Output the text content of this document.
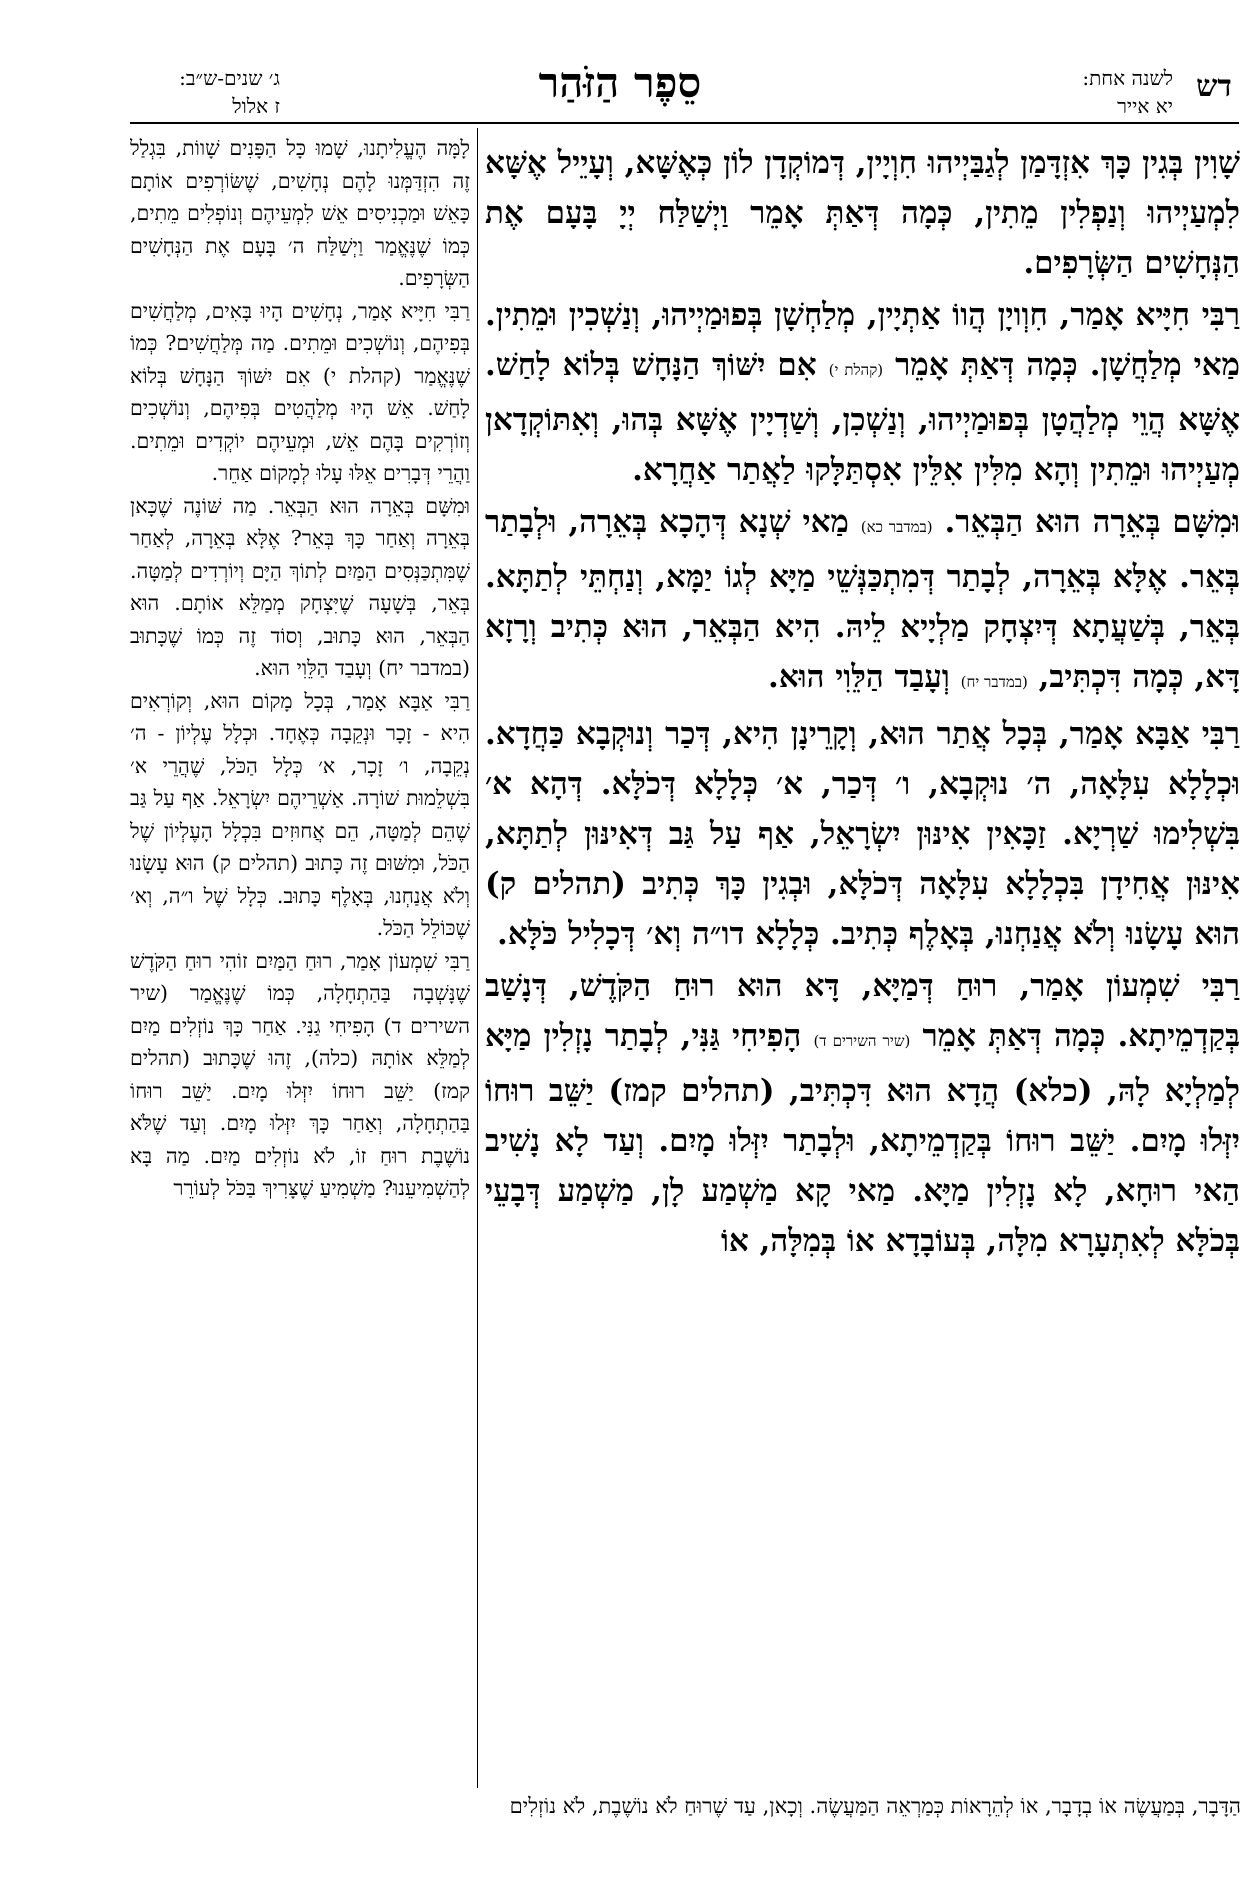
דש
לשנה אחת:
יא אייר
סֵפֶר הַזֹּהַר
ג׳ שנים-ש״ב:
ז אלול

שָׁוִין בְּגִין כָּךְ אִזְדָּמַן לְגַבַּיְיהוּ חִוְיָין, דְּמוֹקְדָן לוֹן כְּאֶשָּׁא, וְעָיֵיל אֶשָּׁא לִמְעַיְיהוּ וְנַפְלִין מֵתִין, כְּמָה דְּאַתְּ אָמֵר וַיְשַׁלַּח יְיָ בָּעָם אֶת הַנְּחָשִׁים הַשְּׂרָפִים.

רַבִּי חִיָּיא אָמַר, חִוְויָן הֲווֹ אַתְיָין, מְלַחְשָׁן בְּפוּמַיְיהוּ, וְנַשְׁכִין וּמֵתִין. מַאי מְלַחֲשָׁן. כְּמָה דְּאַתְּ אָמֵר (קהלת י) אִם יִשּׁוֹךְ הַנָּחָשׁ בְּלוֹא לָחַשׁ. אֶשָּׁא הֲוֵי מְלַהֲטָן בְּפוּמַיְיהוּ, וְנַשְׁכִן, וְשַׁדְיָין אֶשָּׁא בְּהוּ, וְאִתּוֹקְדָאן מְעַיְיהוּ וּמֵתִין וְהָא מִלִּין אִלֵּין אִסְתַּלָּקוּ לַאֲתַר אַחֲרָא.

וּמִשָּׁם בְּאֵרָה הוּא הַבְּאֵר. (במדבר כא) מַאי שְׁנָא דְּהָכָא בְּאֵרָה, וּלְבָתַר בְּאֵר. אֶלָּא בְּאֵרָה, לְבָתַר דְּמִתְכַּנְּשֵׁי מַיָּא לְגוֹ יַמָּא, וְנַחְתֵּי לְתַתָּא. בְּאֵר, בְּשַׁעֲתָא דְּיִצְחָק מַלְיָיא לֵיהּ. הִיא הַבְּאֵר, הוּא כְּתִיב וְרָזָא דָּא, כְּמָה דִּכְתִּיב, (במדבר יח) וְעָבַד הַלֵּוִי הוּא.

רַבִּי אַבָּא אָמַר, בְּכָל אֲתַר הוּא, וְקָרֵינָן הִיא, דְּכַר וְנוּקְבָא כַּחֲדָא. וּכְלָלָא עִלָּאָה, ה׳ נוּקְבָא, ו׳ דְּכַר, א׳ כְּלָלָא דְּכֹלָּא. דְּהָא א׳ בִּשְׁלִימוּ שַׁרְיָא. זַכָּאִין אִינּוּן יִשְׂרָאֵל, אַף עַל גַּב דְּאִינּוּן לְתַתָּא, אִינּוּן אֲחִידָן בִּכְלָלָא עִלָּאָה דְּכֹלָּא, וּבְגִין כָּךְ כְּתִיב (תהלים ק) הוּא עָשָׂנוּ וְלֹא אֲנַחְנוּ, בְּאָלֶף כְּתִיב. כְּלָלָא דו״ה וְא׳ דְּכָלִיל כֹּלָּא.

רַבִּי שִׁמְעוֹן אָמַר, רוּחַ דְּמַיָּא, דָּא הוּא רוּחַ הַקֹּדֶשׁ, דְּנָשַׁב בְּקַדְמֵיתָא. כְּמָה דְּאַתְּ אָמֵר (שיר השירים ד) הָפִיחִי גַּנִּי, לְבָתַר נָזְלִין מַיָּא לְמַלְיָא לָהּ, (כלא) הֲדָא הוּא דִּכְתִּיב, (תהלים קמז) יַשֵּׁב רוּחוֹ יִזְּלוּ מָיִם. יַשֵּׁב רוּחוֹ בְּקַדְמֵיתָא, וּלְבָתַר יִזְּלוּ מָיִם. וְעַד לָא נָשִׁיב הַאי רוּחָא, לָא נָזְלִין מַיָּא. מַאי קָא מַשְׁמַע לָן, מַשְׁמַע דְּבָעֵי בְּכֹלָּא לְאִתְעָרָא מִלָּה, בְּעוֹבָדָא אוֹ בְּמִלָּה, אוֹ

לָמָּה הֶעֱלִיתָנוּ, שָׁמוּ כָּל הַפָּנִים שָׁווֹת, בִּגְלַל זֶה הִזְדַּמְּנוּ לָהֶם נְחָשִׁים, שֶׁשּׂוֹרְפִים אוֹתָם כָּאֵשׁ וּמַכְנִיסִים אֵשׁ לִמְעֵיהֶם וְנוֹפְלִים מֵתִים, כְּמוֹ שֶׁנֶּאֱמַר וַיְשַׁלַּח ה׳ בָּעָם אֶת הַנְּחָשִׁים הַשְּׂרָפִים.

רַבִּי חִיָּיא אָמַר, נְחָשִׁים הָיוּ בָּאִים, מְלַחֲשִׁים בְּפִיהֶם, וְנוֹשְׁכִים וּמֵתִים. מַה מְּלַחֲשִׁים? כְּמוֹ שֶׁנֶּאֱמַר (קהלת י) אִם יִשּׁוֹךְ הַנָּחָשׁ בְּלוֹא לָחַשׁ. אֵשׁ הָיוּ מְלַהֲטִים בְּפִיהֶם, וְנוֹשְׁכִים וְזוֹרְקִים בָּהֶם אֵשׁ, וּמְעֵיהֶם יוֹקְדִים וּמֵתִים. וַהֲרֵי דְּבָרִים אֵלּוּ עָלוּ לְמָקוֹם אַחֵר.

וּמִשָּׁם בְּאֵרָה הוּא הַבְּאֵר. מַה שּׁוֹנֶה שֶׁכָּאן בְּאֵרָה וְאַחַר כָּךְ בְּאֵר? אֶלָּא בְּאֵרָה, לְאַחַר שֶׁמִּתְכַּנְּסִים הַמַּיִם לְתוֹךְ הַיָּם וְיוֹרְדִים לְמַטָּה. בְּאֵר, בְּשָׁעָה שֶׁיִּצְחָק מְמַלֵּא אוֹתָם. הוּא הַבְּאֵר, הוּא כָּתוּב, וְסוֹד זֶה כְּמוֹ שֶׁכָּתוּב (במדבר יח) וְעָבַד הַלֵּוִי הוּא.

רַבִּי אַבָּא אָמַר, בְּכָל מָקוֹם הוּא, וְקוֹרְאִים הִיא - זָכָר וּנְקֵבָה כְּאֶחָד. וּכְלָל עֶלְיוֹן - ה׳ נְקֵבָה, ו׳ זָכָר, א׳ כְּלָל הַכֹּל, שֶׁהֲרֵי א׳ בִּשְׁלֵמוּת שׁוֹרָה. אַשְׁרֵיהֶם יִשְׂרָאֵל. אַף עַל גַּב שֶׁהֵם לְמַטָּה, הֵם אֲחוּזִים בִּכְלָל הָעֶלְיוֹן שֶׁל הַכֹּל, וּמִשּׁוּם זֶה כָּתוּב (תהלים ק) הוּא עָשָׂנוּ וְלֹא אֲנַחְנוּ, בְּאָלֶף כָּתוּב. כְּלָל שֶׁל ו״ה, וְא׳ שֶׁכּוֹלֵל הַכֹּל.

רַבִּי שִׁמְעוֹן אָמַר, רוּחַ הַמַּיִם זוֹהִי רוּחַ הַקֹּדֶשׁ שֶׁנָּשְׁבָה בַּהַתְחָלָה, כְּמוֹ שֶׁנֶּאֱמַר (שיר השירים ד) הָפִיחִי גַנִּי. אַחַר כָּךְ נוֹזְלִים מַיִם לְמַלֵּא אוֹתָהּ (כלה), זֶהוּ שֶׁכָּתוּב (תהלים קמז) יַשֵּׁב רוּחוֹ יִזְּלוּ מָיִם. יַשֵּׁב רוּחוֹ בַּהַתְחָלָה, וְאַחַר כָּךְ יִזְּלוּ מָיִם. וְעַד שֶׁלֹּא נוֹשֶׁבֶת רוּחַ זוֹ, לֹא נוֹזְלִים מַיִם. מַה בָּא לְהַשְׁמִיעֵנוּ? מַשְׁמִיעַ שֶׁצָּרִיךְ בַּכֹּל לְעוֹרֵר

הַדָּבָר, בְּמַעֲשֶׂה אוֹ בְדָבָר, אוֹ לְהֵרָאוֹת כְּמַרְאֵה הַמַּעֲשֶׂה. וְכָאן, עַד שֶׁרוּחַ לֹא נוֹשֶׁבֶת, לֹא נוֹזְלִים
